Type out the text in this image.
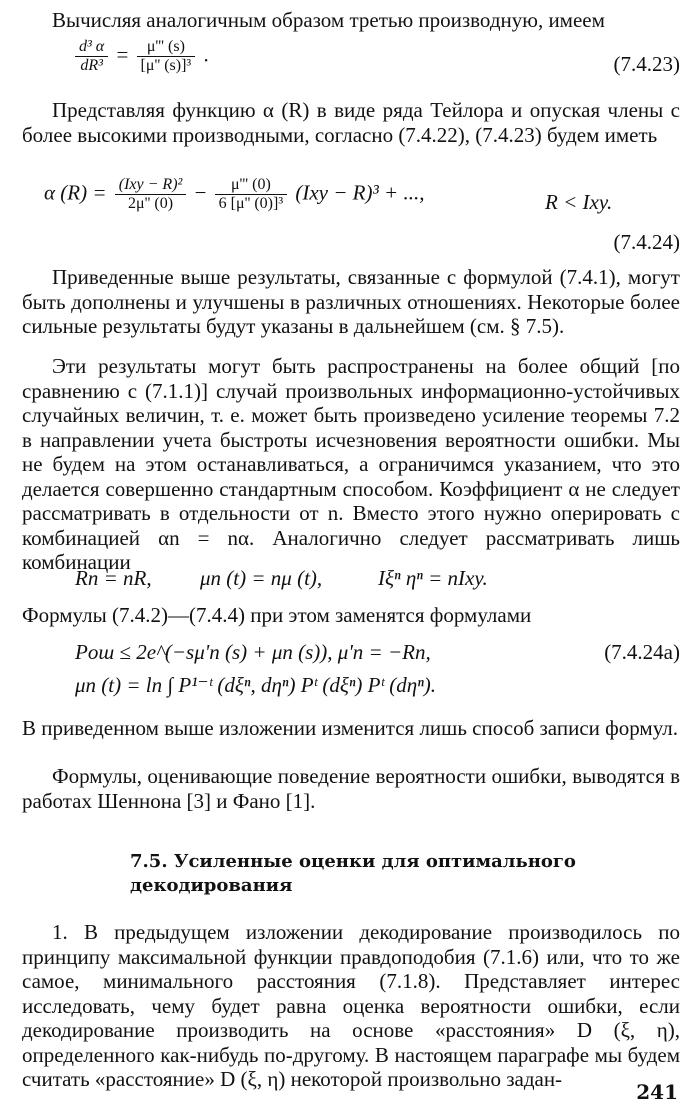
Вычисляя аналогичным образом третью производную, имеем
$\frac{\text{d³ α}}{\text{dR³}} = \frac{\mu''' (s)}{\text{[μ'' (s)]³}}$ .	(7.4.23)
Представляя функцию α (R) в виде ряда Тейлора и опуская члены с более высокими производными, согласно (7.4.22), (7.4.23) будем иметь
α $(R) = \frac{\text{(Ixy − R)²}}{2\mu'' (0)} - \frac{\mu''' (0)}{\text{6 [μ'' (0)]³}} (Ixy - R)^3$ + ...,	R < Ixy.
(7.4.24)
Приведенные выше результаты, связанные с формулой (7.4.1), могут быть дополнены и улучшены в различных отношениях. Некоторые более сильные результаты будут указаны в дальнейшем (см. § 7.5).
Эти результаты могут быть распространены на более общий [по сравнению с (7.1.1)] случай произвольных информационно-устойчивых случайных величин, т. е. может быть произведено усиление теоремы 7.2 в направлении учета быстроты исчезновения вероятности ошибки. Мы не будем на этом останавливаться, а ограничимся указанием, что это делается совершенно стандартным способом. Коэффициент α не следует рассматривать в отдельности от n. Вместо этого нужно оперировать с комбинацией αn = nα. Аналогично следует рассматривать лишь комбинации
Rn = nR, μn (t) = nμ (t),	Iξⁿ ηⁿ = nIxy.
Формулы (7.4.2)—(7.4.4) при этом заменятся формулами
Pош ≤ 2e^(−sμ'n (s) + μn (s)), μ'n = −Rn,	(7.4.24а)
μn (t) = ln ∫ P¹⁻ᵗ (dξⁿ, dηⁿ) Pᵗ (dξⁿ) Pᵗ (dηⁿ).
В приведенном выше изложении изменится лишь способ записи формул.
Формулы, оценивающие поведение вероятности ошибки, выводятся в работах Шеннона [3] и Фано [1].
7.5. Усиленные оценки для оптимального
декодирования
1. В предыдущем изложении декодирование производилось по принципу максимальной функции правдоподобия (7.1.6) или, что то же самое, минимального расстояния (7.1.8). Представляет интерес исследовать, чему будет равна оценка вероятности ошибки, если декодирование производить на основе «расстояния» D (ξ, η), определенного как-нибудь по-другому. В настоящем параграфе мы будем считать «расстояние» D (ξ, η) некоторой произвольно задан-
241
